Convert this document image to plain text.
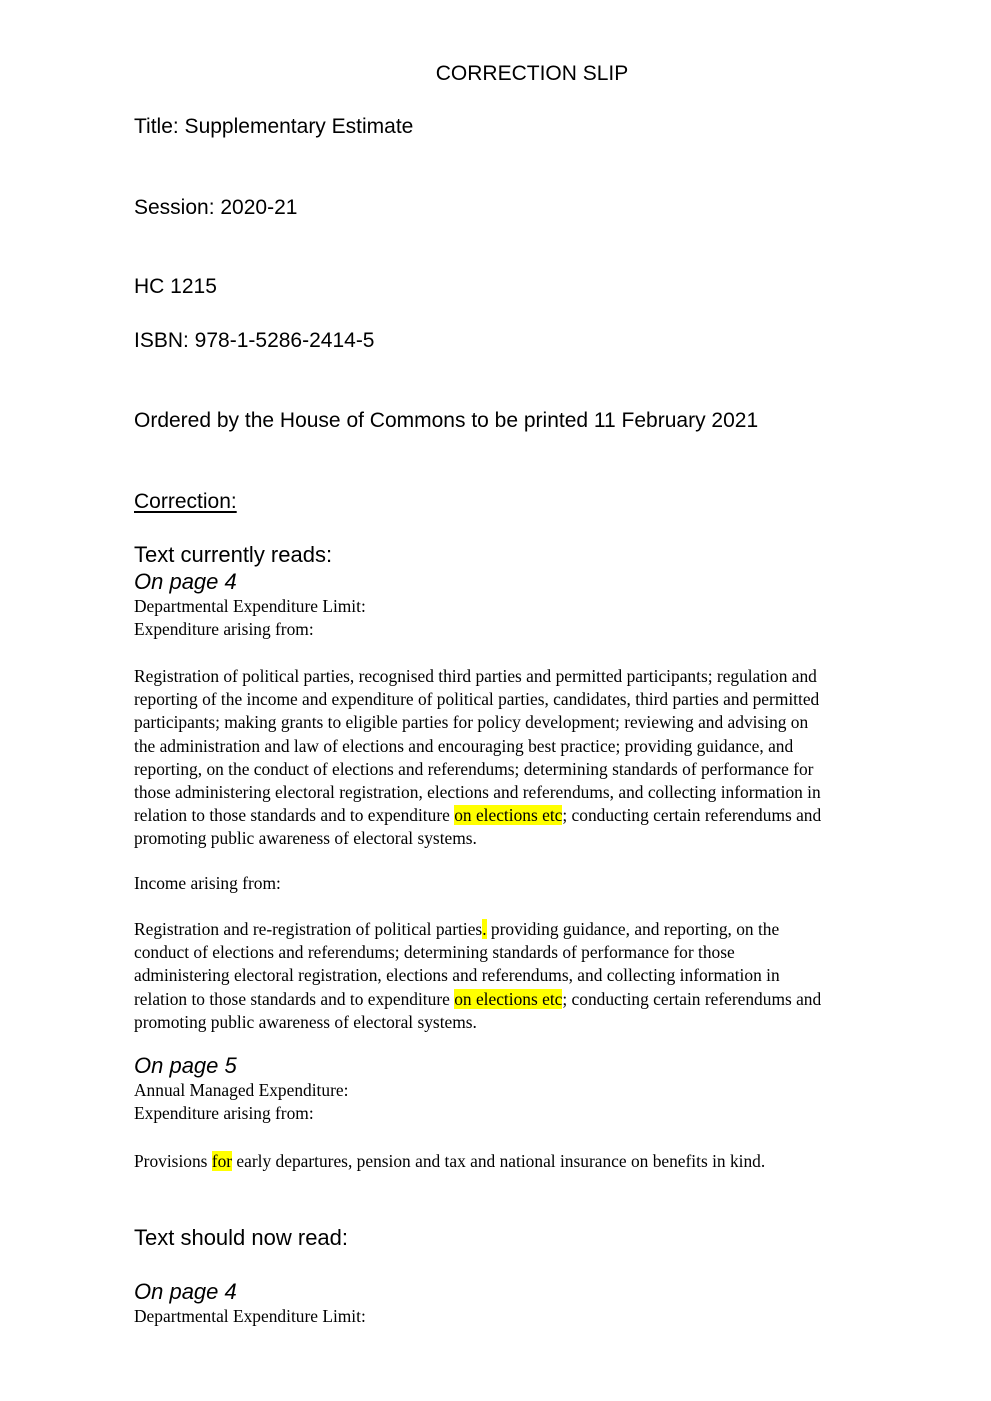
CORRECTION SLIP
Title: Supplementary Estimate
Session: 2020-21
HC 1215
ISBN: 978-1-5286-2414-5
Ordered by the House of Commons to be printed 11 February 2021
Correction:
Text currently reads:
On page 4
Departmental Expenditure Limit:
Expenditure arising from:
Registration of political parties, recognised third parties and permitted participants; regulation and
reporting of the income and expenditure of political parties, candidates, third parties and permitted
participants; making grants to eligible parties for policy development; reviewing and advising on
the administration and law of elections and encouraging best practice; providing guidance, and
reporting, on the conduct of elections and referendums; determining standards of performance for
those administering electoral registration, elections and referendums, and collecting information in
relation to those standards and to expenditure on elections etc; conducting certain referendums and
promoting public awareness of electoral systems.
Income arising from:
Registration and re-registration of political parties. providing guidance, and reporting, on the
conduct of elections and referendums; determining standards of performance for those
administering electoral registration, elections and referendums, and collecting information in
relation to those standards and to expenditure on elections etc; conducting certain referendums and
promoting public awareness of electoral systems.
On page 5
Annual Managed Expenditure:
Expenditure arising from:
Provisions for early departures, pension and tax and national insurance on benefits in kind.
Text should now read:
On page 4
Departmental Expenditure Limit:
